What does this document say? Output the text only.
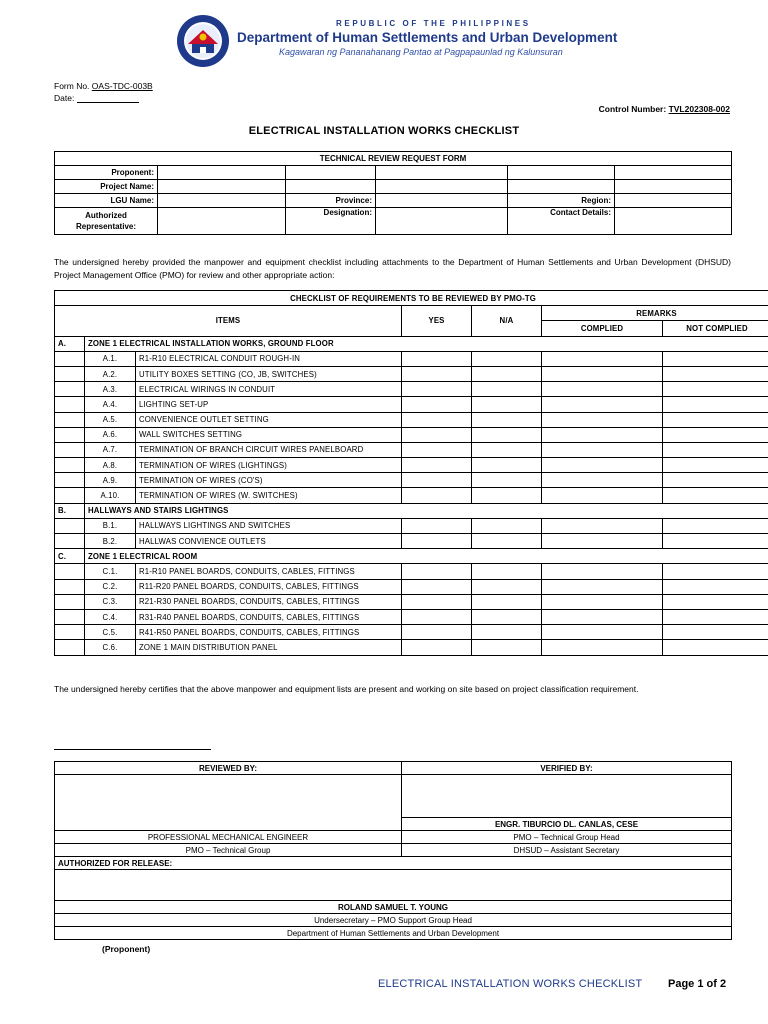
REPUBLIC OF THE PHILIPPINES
Department of Human Settlements and Urban Development
Kagawaran ng Pananahanang Pantao at Pagpapaunlad ng Kalunsuran
Form No. OAS-TDC-003B
Date:
Control Number: TVL202308-002
ELECTRICAL INSTALLATION WORKS CHECKLIST
TECHNICAL REVIEW REQUEST FORM					
Proponent:					
Project Name:					
LGU Name:		Province:		Region:	
Authorized Representative:		Designation:		Contact Details:	
The undersigned hereby provided the manpower and equipment checklist including attachments to the Department of Human Settlements and Urban Development (DHSUD) Project Management Office (PMO) for review and other appropriate action:
CHECKLIST OF REQUIREMENTS TO BE REVIEWED BY PMO-TG						
ITEMS			YES	N/A	REMARKS	
					COMPLIED	NOT COMPLIED
A.	ZONE 1 ELECTRICAL INSTALLATION WORKS, GROUND FLOOR					
	A.1.	R1-R10 ELECTRICAL CONDUIT ROUGH-IN				
	A.2.	UTILITY BOXES SETTING (CO, JB, SWITCHES)				
	A.3.	ELECTRICAL WIRINGS IN CONDUIT				
	A.4.	LIGHTING SET-UP				
	A.5.	CONVENIENCE OUTLET SETTING				
	A.6.	WALL SWITCHES SETTING				
	A.7.	TERMINATION OF BRANCH CIRCUIT WIRES PANELBOARD				
	A.8.	TERMINATION OF WIRES (LIGHTINGS)				
	A.9.	TERMINATION OF WIRES (CO'S)				
	A.10.	TERMINATION OF WIRES (W. SWITCHES)				
B.	HALLWAYS AND STAIRS LIGHTINGS					
	B.1.	HALLWAYS LIGHTINGS AND SWITCHES				
	B.2.	HALLWAS CONVIENCE OUTLETS				
C.	ZONE 1 ELECTRICAL ROOM					
	C.1.	R1-R10 PANEL BOARDS, CONDUITS, CABLES, FITTINGS				
	C.2.	R11-R20 PANEL BOARDS, CONDUITS, CABLES, FITTINGS				
	C.3.	R21-R30 PANEL BOARDS, CONDUITS, CABLES, FITTINGS				
	C.4.	R31-R40 PANEL BOARDS, CONDUITS, CABLES, FITTINGS				
	C.5.	R41-R50 PANEL BOARDS, CONDUITS, CABLES, FITTINGS				
	C.6.	ZONE 1 MAIN DISTRIBUTION PANEL				
The undersigned hereby certifies that the above manpower and equipment lists are present and working on site based on project classification requirement.
REVIEWED BY:	VERIFIED BY:

	ENGR. TIBURCIO DL. CANLAS, CESE
PROFESSIONAL MECHANICAL ENGINEER	PMO – Technical Group Head
PMO – Technical Group	DHSUD – Assistant Secretary
AUTHORIZED FOR RELEASE:	

ROLAND SAMUEL T. YOUNG	
Undersecretary – PMO Support Group Head	
Department of Human Settlements and Urban Development	
(Proponent)
ELECTRICAL INSTALLATION WORKS CHECKLIST Page 1 of 2
